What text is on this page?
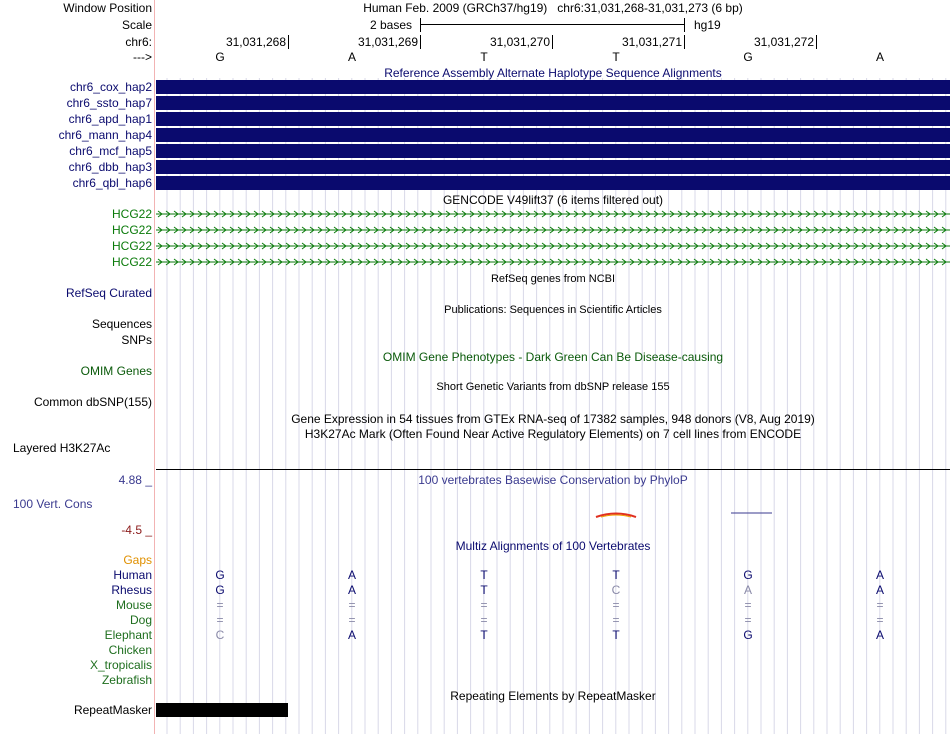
Window Position	Human Feb. 2009 (GRCh37/hg19)   chr6:31,031,268-31,031,273 (6 bp)
Scale	2 bases	hg19
chr6:	31,031,268	31,031,269	31,031,270	31,031,271	31,031,272
--->	G	A	T	T	G	A
Reference Assembly Alternate Haplotype Sequence Alignments
chr6_cox_hap2
chr6_ssto_hap7
chr6_apd_hap1
chr6_mann_hap4
chr6_mcf_hap5
chr6_dbb_hap3
chr6_qbl_hap6
GENCODE V49lift37 (6 items filtered out)
HCG22
HCG22
HCG22
HCG22
RefSeq genes from NCBI
RefSeq Curated
Publications: Sequences in Scientific Articles
Sequences
SNPs
OMIM Gene Phenotypes - Dark Green Can Be Disease-causing
OMIM Genes
Short Genetic Variants from dbSNP release 155
Common dbSNP(155)
Gene Expression in 54 tissues from GTEx RNA-seq of 17382 samples, 948 donors (V8, Aug 2019)
H3K27Ac Mark (Often Found Near Active Regulatory Elements) on 7 cell lines from ENCODE
Layered H3K27Ac
4.88 _	100 vertebrates Basewise Conservation by PhyloP
100 Vert. Cons
-4.5 _
Multiz Alignments of 100 Vertebrates
Gaps
Human	G	A	T	T	G	A
Rhesus	G	A	T	C	A	A
Mouse	=	=	=	=	=	=
Dog	=	=	=	=	=	=
Elephant	C	A	T	T	G	A
Chicken
X_tropicalis
Zebrafish
Repeating Elements by RepeatMasker
RepeatMasker
